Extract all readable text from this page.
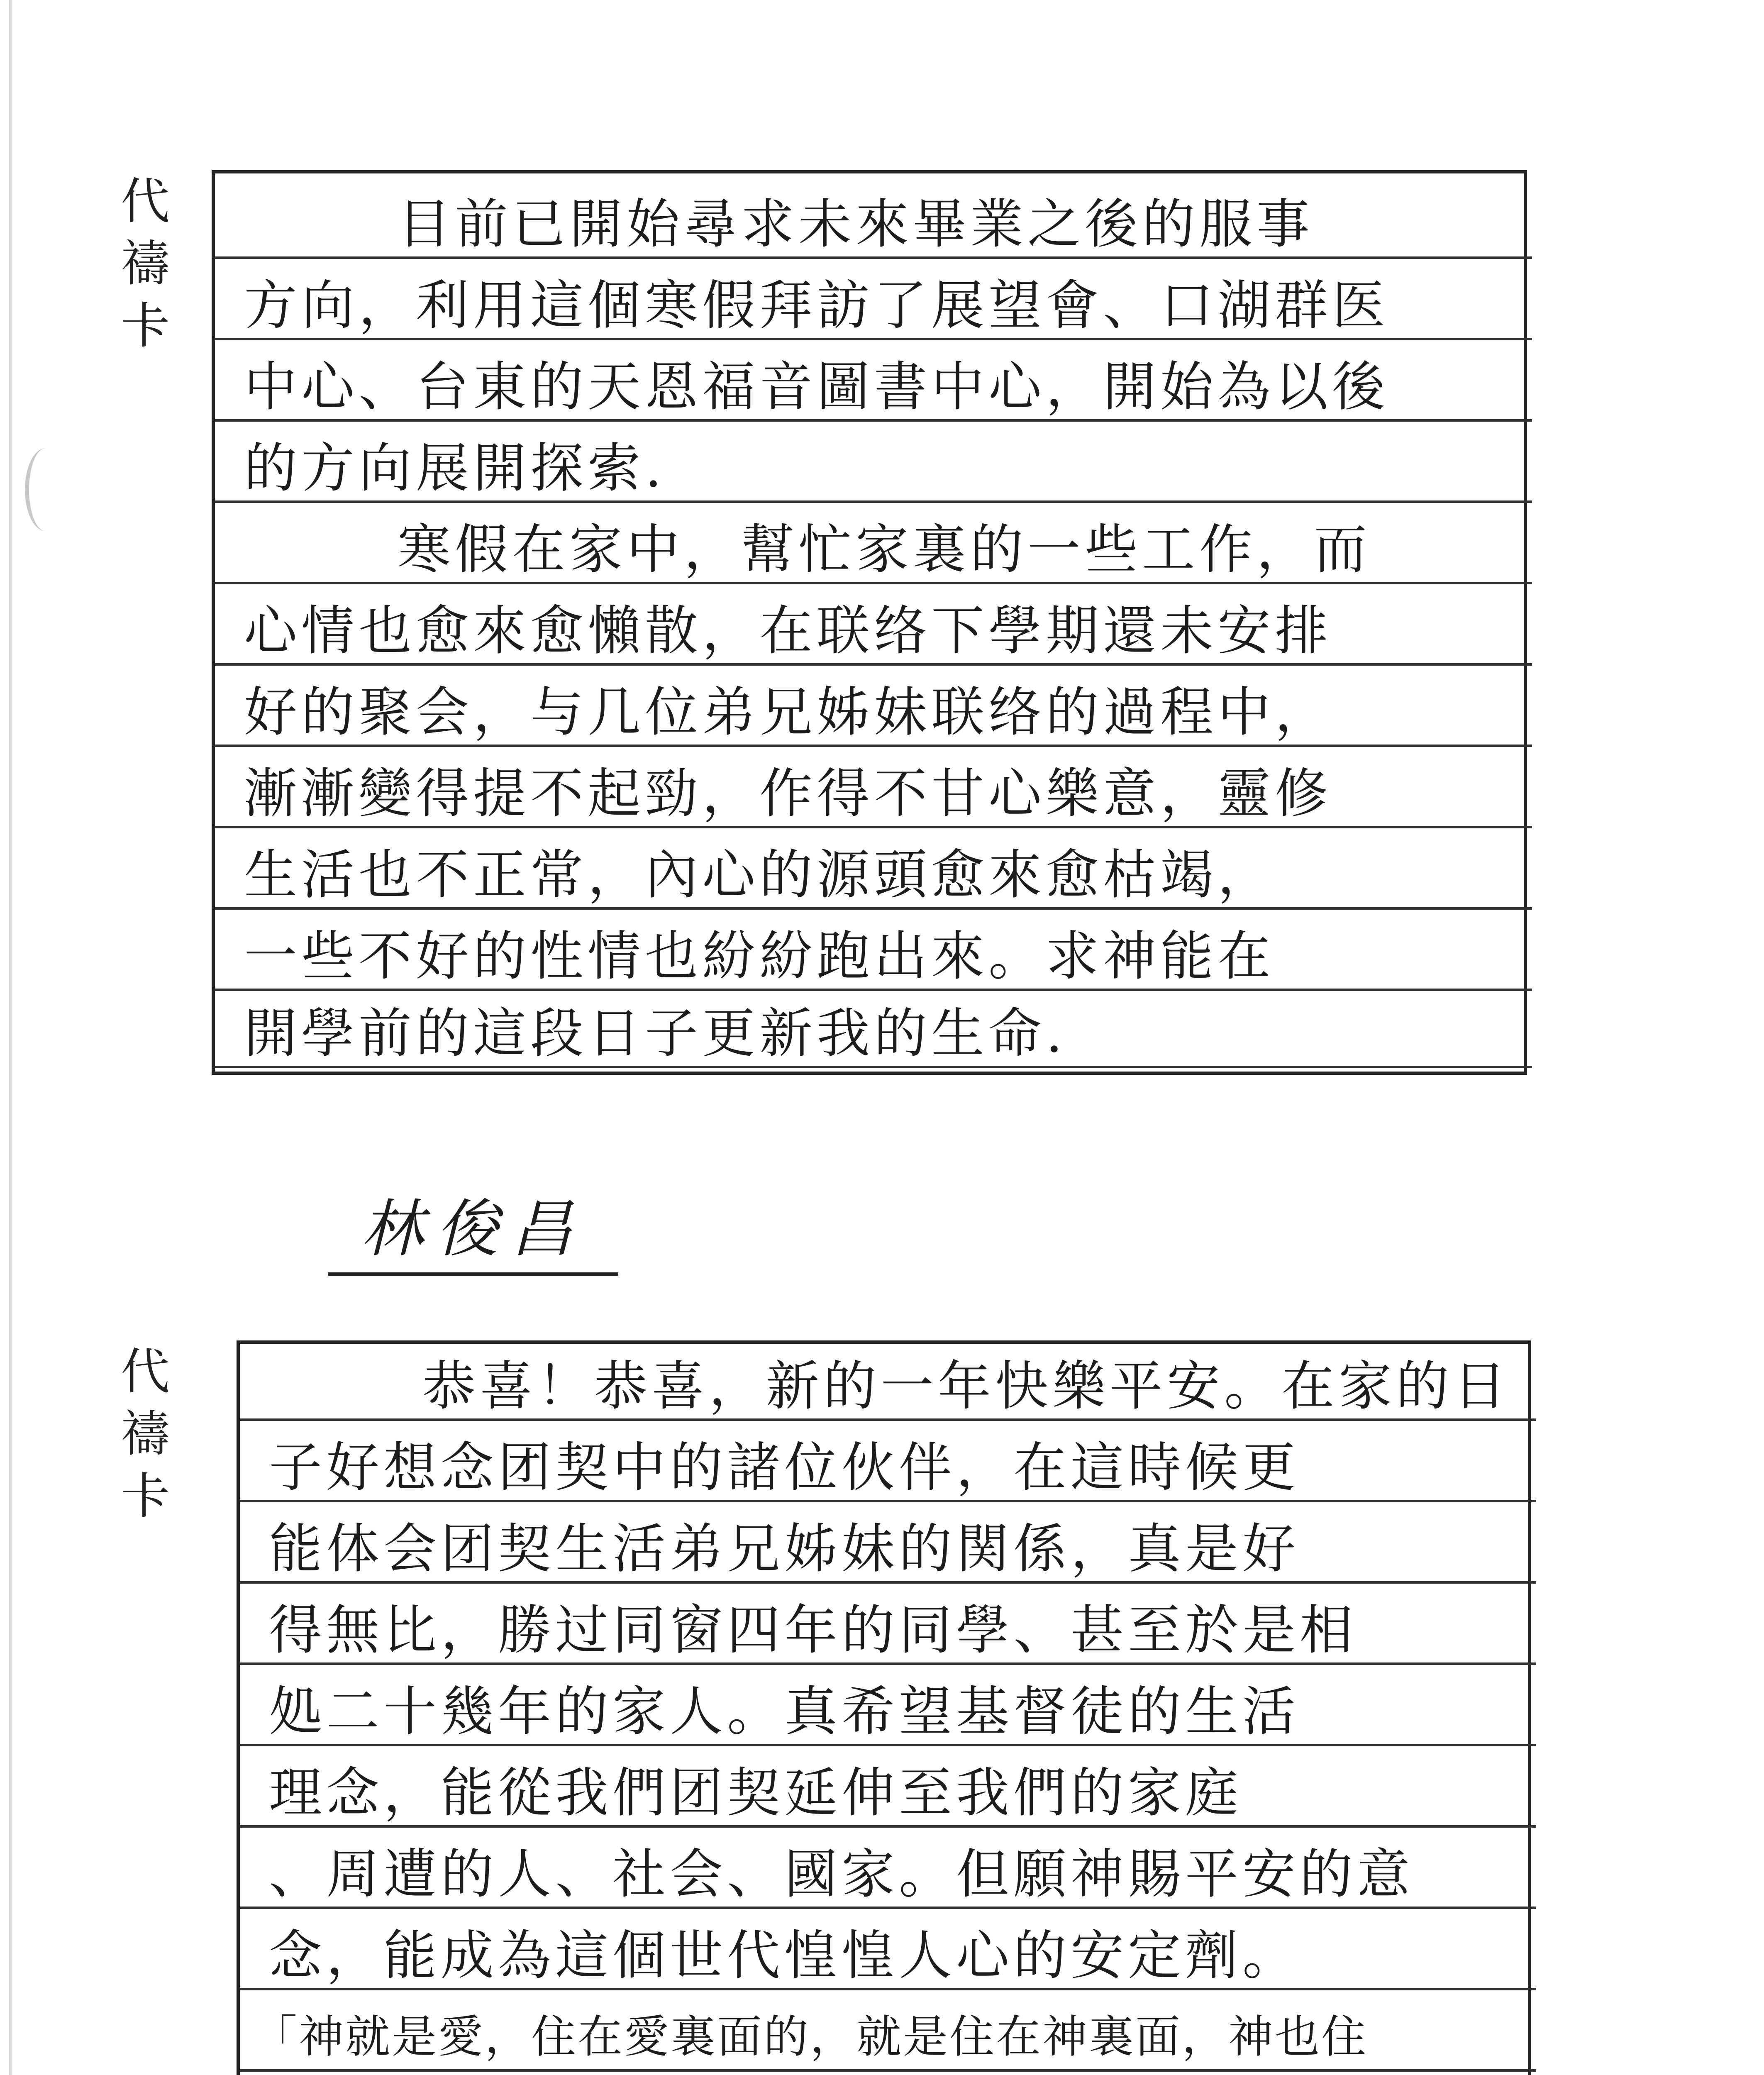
代
禱
卡
目前已開始尋求未來畢業之後的服事
方向，利用這個寒假拜訪了展望會、口湖群医
中心、台東的天恩福音圖書中心，開始為以後
的方向展開探索.
寒假在家中，幫忙家裏的一些工作，而
心情也愈來愈懶散，在联络下學期還未安排
好的聚会，与几位弟兄姊妹联络的過程中，
漸漸變得提不起勁，作得不甘心樂意，靈修
生活也不正常，內心的源頭愈來愈枯竭，
一些不好的性情也紛紛跑出來。求神能在
開學前的這段日子更新我的生命.
林俊昌
代
禱
卡
恭喜！恭喜，新的一年快樂平安。在家的日
子好想念团契中的諸位伙伴，在這時候更
能体会团契生活弟兄姊妹的関係，真是好
得無比，勝过同窗四年的同學、甚至於是相
処二十幾年的家人。真希望基督徒的生活
理念，能從我們团契延伸至我們的家庭
、周遭的人、社会、國家。但願神賜平安的意
念，能成為這個世代惶惶人心的安定劑。
「神就是愛，住在愛裏面的，就是住在神裏面，神也住
